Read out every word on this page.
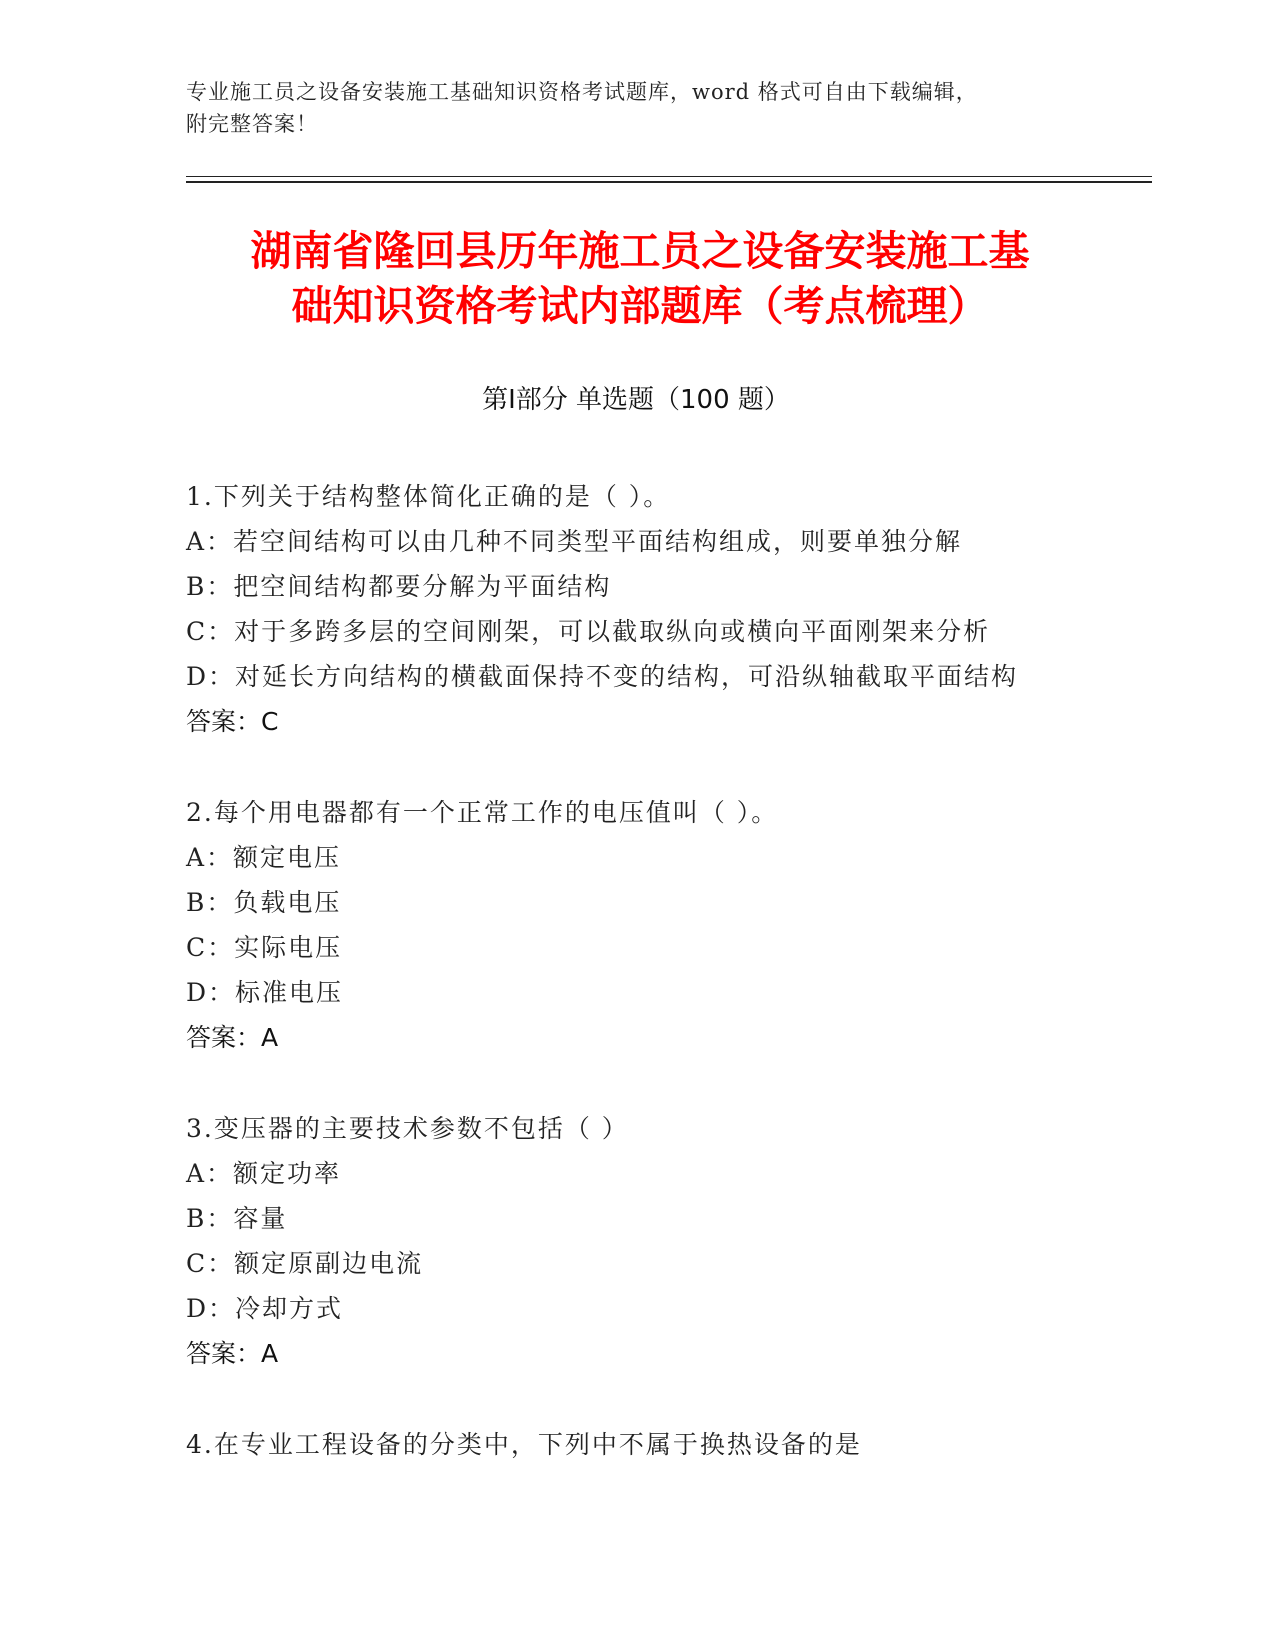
专业施工员之设备安装施工基础知识资格考试题库，word 格式可自由下载编辑，
附完整答案！
湖南省隆回县历年施工员之设备安装施工基
础知识资格考试内部题库（考点梳理）
第Ⅰ部分 单选题（100 题）
1.下列关于结构整体简化正确的是（ ）。
A：若空间结构可以由几种不同类型平面结构组成，则要单独分解
B：把空间结构都要分解为平面结构
C：对于多跨多层的空间刚架，可以截取纵向或横向平面刚架来分析
D：对延长方向结构的横截面保持不变的结构，可沿纵轴截取平面结构
答案：C
2.每个用电器都有一个正常工作的电压值叫（ ）。
A：额定电压
B：负载电压
C：实际电压
D：标准电压
答案：A
3.变压器的主要技术参数不包括（ ）
A：额定功率
B：容量
C：额定原副边电流
D：冷却方式
答案：A
4.在专业工程设备的分类中，下列中不属于换热设备的是
